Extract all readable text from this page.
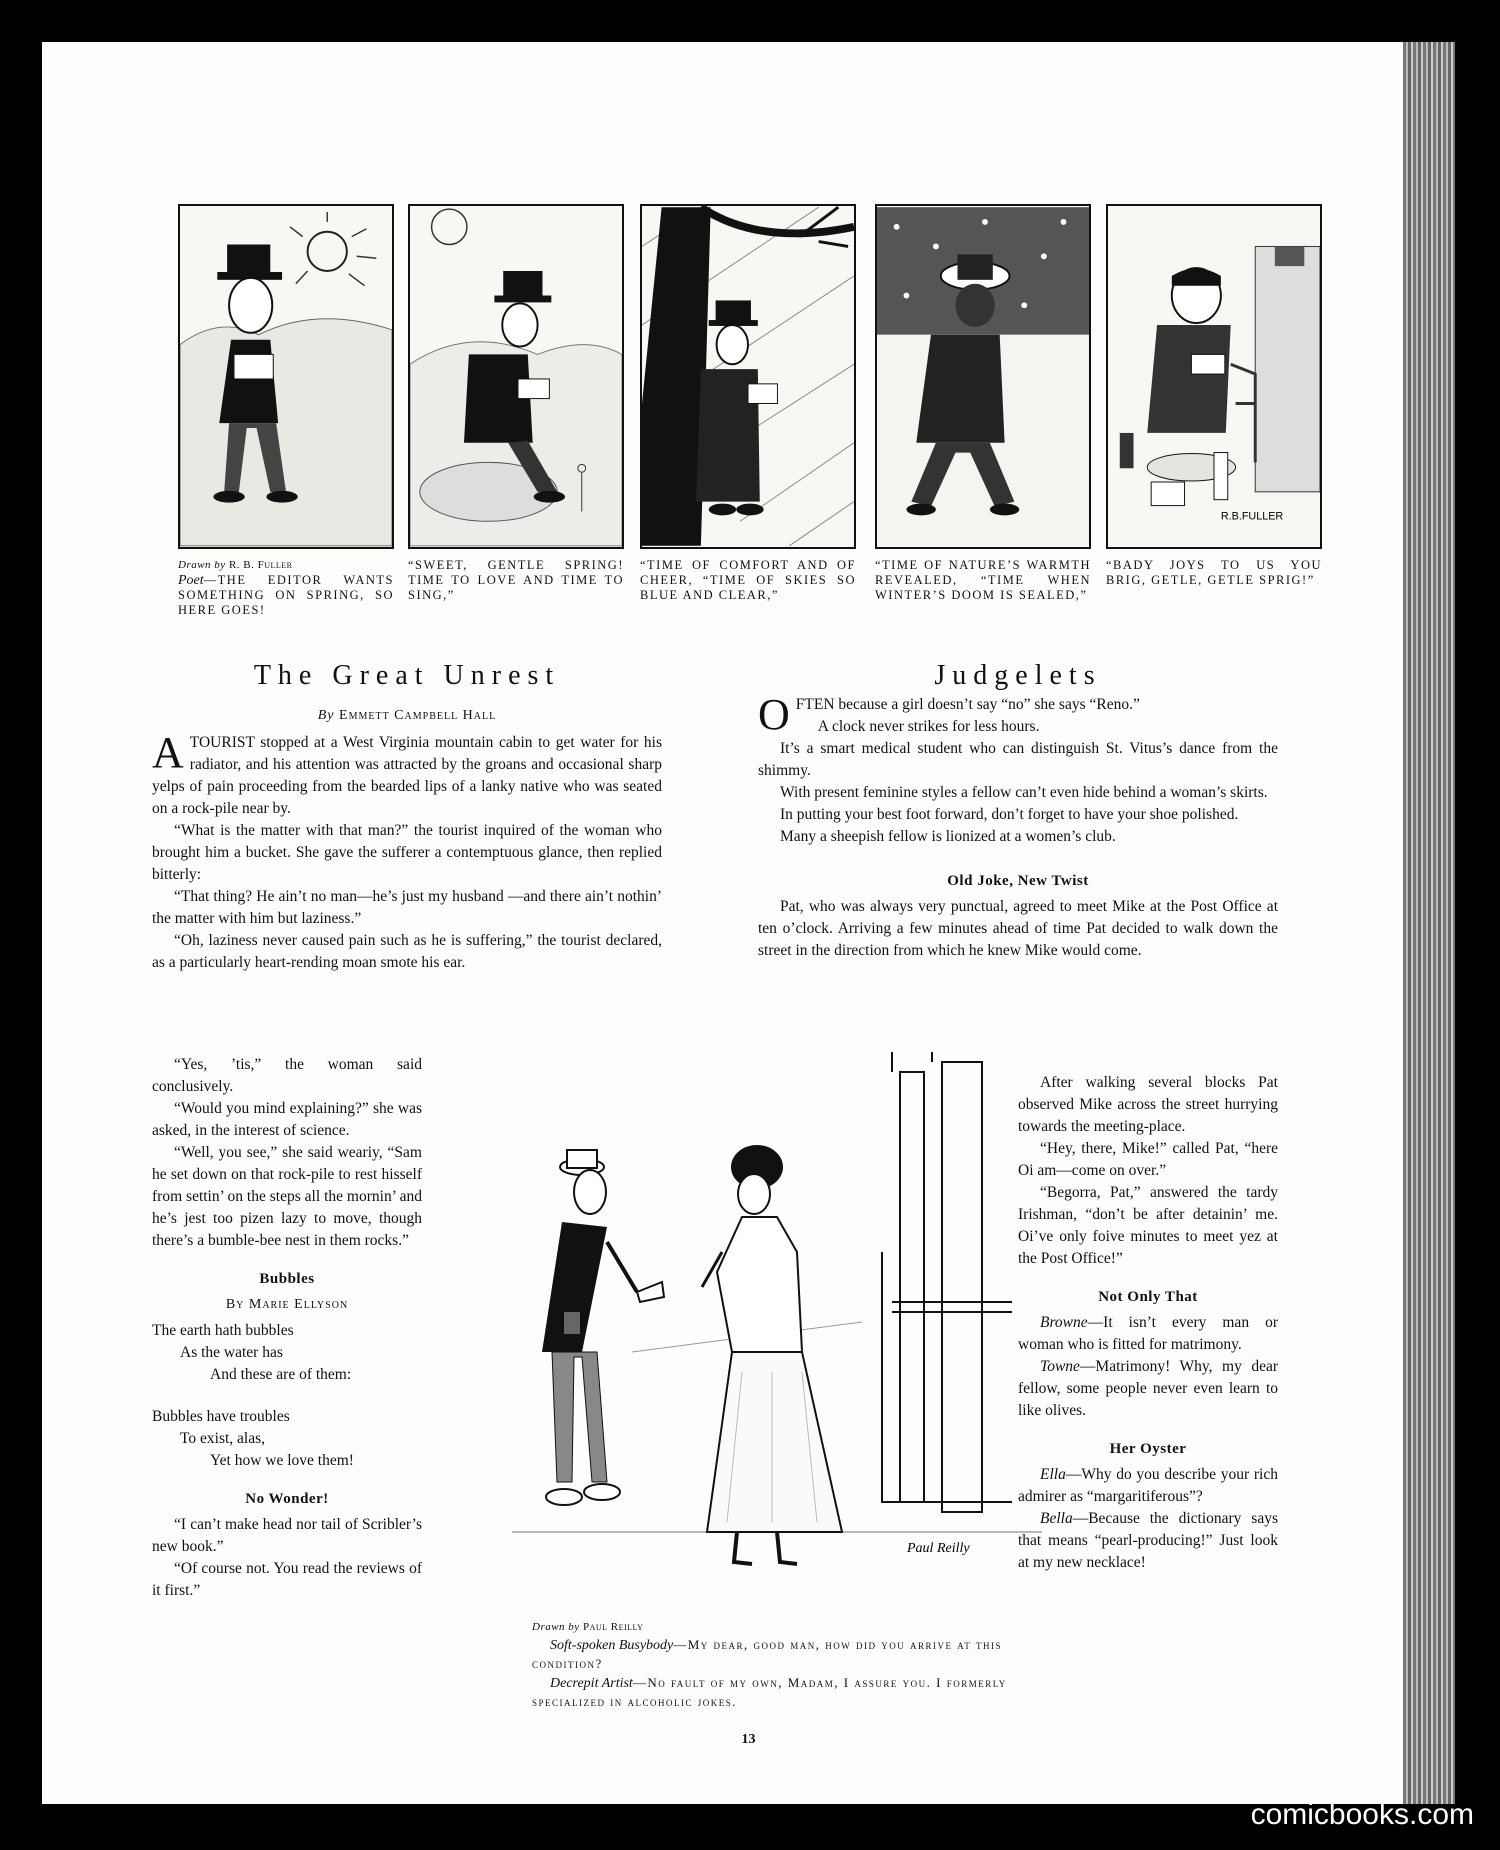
R.B.FULLER
Drawn by R. B. Fuller
Poet—THE EDITOR WANTS SOMETHING ON SPRING, SO HERE GOES!
“SWEET, GENTLE SPRING! TIME TO LOVE AND TIME TO SING,”
“TIME OF COMFORT AND OF CHEER, “TIME OF SKIES SO BLUE AND CLEAR,”
“TIME OF NATURE’S WARMTH REVEALED, “TIME WHEN WINTER’S DOOM IS SEALED,”
“BADY JOYS TO US YOU BRIG, GETLE, GETLE SPRIG!”
The Great Unrest
By Emmett Campbell Hall

ATOURIST stopped at a West Virginia mountain cabin to get water for his radiator, and his attention was attracted by the groans and occasional sharp yelps of pain proceeding from the bearded lips of a lanky native who was seated on a rock-pile near by.

“What is the matter with that man?” the tourist inquired of the woman who brought him a bucket. She gave the sufferer a contemptuous glance, then replied bitterly:

“That thing? He ain’t no man—he’s just my husband —and there ain’t nothin’ the matter with him but laziness.”

“Oh, laziness never caused pain such as he is suffering,” the tourist declared, as a particularly heart-rending moan smote his ear.

“Yes, ’tis,” the woman said conclusively.

“Would you mind explaining?” she was asked, in the interest of science.

“Well, you see,” she said weariy, “Sam he set down on that rock-pile to rest hisself from settin’ on the steps all the mornin’ and he’s jest too pizen lazy to move, though there’s a bumble-bee nest in them rocks.”

Bubbles
By Marie Ellyson
The earth hath bubbles
As the water has
And these are of them:
Bubbles have troubles
To exist, alas,
Yet how we love them!
No Wonder!

“I can’t make head nor tail of Scribler’s new book.”

“Of course not. You read the reviews of it first.”

Judgelets

OFTEN because a girl doesn’t say “no” she says “Reno.”

A clock never strikes for less hours.

It’s a smart medical student who can distinguish St. Vitus’s dance from the shimmy.

With present feminine styles a fellow can’t even hide behind a woman’s skirts.

In putting your best foot forward, don’t forget to have your shoe polished.

Many a sheepish fellow is lionized at a women’s club.

Old Joke, New Twist

Pat, who was always very punctual, agreed to meet Mike at the Post Office at ten o’clock. Arriving a few minutes ahead of time Pat decided to walk down the street in the direction from which he knew Mike would come.

After walking several blocks Pat observed Mike across the street hurrying towards the meeting-place.

“Hey, there, Mike!” called Pat, “here Oi am—come on over.”

“Begorra, Pat,” answered the tardy Irishman, “don’t be after detainin’ me. Oi’ve only foive minutes to meet yez at the Post Office!”

Not Only That

Browne—It isn’t every man or woman who is fitted for matrimony.

Towne—Matrimony! Why, my dear fellow, some people never even learn to like olives.

Her Oyster

Ella—Why do you describe your rich admirer as “margaritiferous”?

Bella—Because the dictionary says that means “pearl-producing!” Just look at my new necklace!

Paul Reilly
Drawn by Paul Reilly
Soft-spoken Busybody—My dear, good man, how did you arrive at this condition?
Decrepit Artist—No fault of my own, Madam, I assure you. I formerly specialized in alcoholic jokes.
13
comicbooks.com
